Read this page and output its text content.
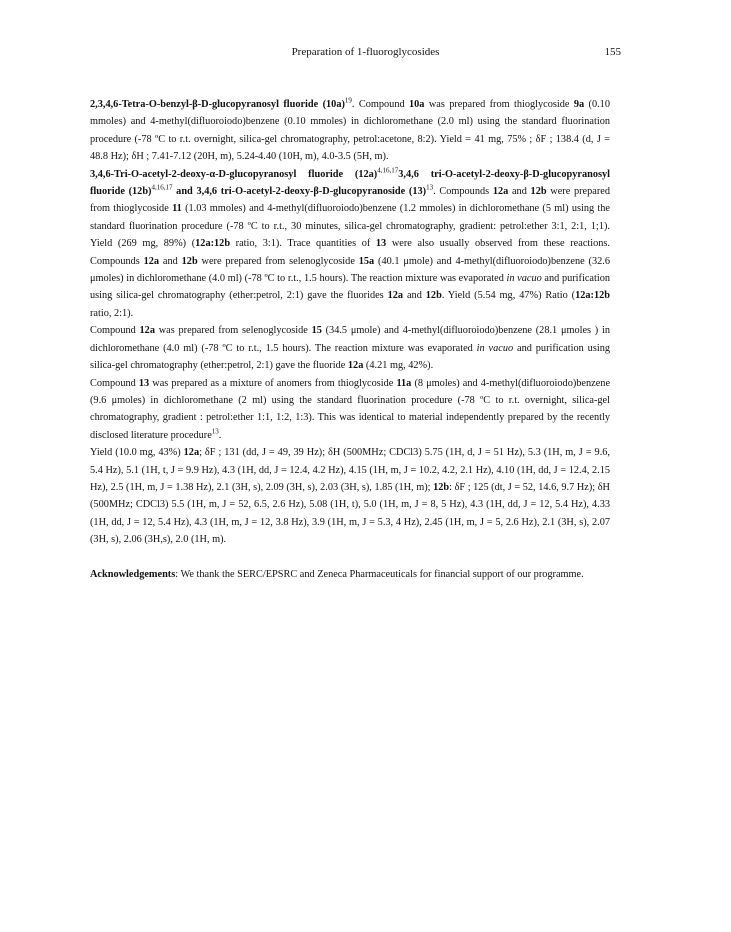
Preparation of 1-fluoroglycosides	155

2,3,4,6-Tetra-O-benzyl-β-D-glucopyranosyl fluoride $(10a)^{19}$. Compound 10a was prepared from thioglycoside 9a (0.10 mmoles) and 4-methyl(difluoroiodo)benzene (0.10 mmoles) in dichloromethane (2.0 ml) using the standard fluorination procedure (-78 ºC to r.t. overnight, silica-gel chromatography, petrol:acetone, 8:2). Yield = 41 mg, 75% ; δF ; 138.4 (d, J = 48.8 Hz); δH ; 7.41-7.12 (20H, m), 5.24-4.40 (10H, m), 4.0-3.5 (5H, m).

3,4,6-Tri-O-acetyl-2-deoxy-α-D-glucopyranosyl fluoride $(12a)^{4,16,17}3,4,6$ tri-O-acetyl-2-deoxy-β-D-glucopyranosyl fluoride $(12b)^{4,16,17}$ and 3,4,6 tri-O-acetyl-2-deoxy-β-D-glucopyranoside $(13)^{13}$. Compounds 12a and 12b were prepared from thioglycoside 11 (1.03 mmoles) and 4-methyl(difluoroiodo)benzene (1.2 mmoles) in dichloromethane (5 ml) using the standard fluorination procedure (-78 ºC to r.t., 30 minutes, silica-gel chromatography, gradient: petrol:ether 3:1, 2:1, 1;1). Yield (269 mg, 89%) (12a:12b ratio, 3:1). Trace quantities of 13 were also usually observed from these reactions. Compounds 12a and 12b were prepared from selenoglycoside 15a (40.1 μmole) and 4-methyl(difluoroiodo)benzene (32.6 μmoles) in dichloromethane (4.0 ml) (-78 ºC to r.t., 1.5 hours). The reaction mixture was evaporated in vacuo and purification using silica-gel chromatography (ether:petrol, 2:1) gave the fluorides 12a and 12b. Yield (5.54 mg, 47%) Ratio (12a:12b ratio, 2:1).

Compound 12a was prepared from selenoglycoside 15 (34.5 μmole) and 4-methyl(difluoroiodo)benzene (28.1 μmoles ) in dichloromethane (4.0 ml) (-78 ºC to r.t., 1.5 hours). The reaction mixture was evaporated in vacuo and purification using silica-gel chromatography (ether:petrol, 2:1) gave the fluoride 12a (4.21 mg, 42%).

Compound 13 was prepared as a mixture of anomers from thioglycoside 11a (8 μmoles) and 4-methyl(difluoroiodo)benzene (9.6 μmoles) in dichloromethane (2 ml) using the standard fluorination procedure (-78 ºC to r.t. overnight, silica-gel chromatography, gradient : petrol:ether 1:1, 1:2, 1:3). This was identical to material independently prepared by the recently disclosed literature procedure$^{13}$.

Yield (10.0 mg, 43%) 12a; δF ; 131 (dd, J = 49, 39 Hz); δH (500MHz; CDCl3) 5.75 (1H, d, J = 51 Hz), 5.3 (1H, m, J = 9.6, 5.4 Hz), 5.1 (1H, t, J = 9.9 Hz), 4.3 (1H, dd, J = 12.4, 4.2 Hz), 4.15 (1H, m, J = 10.2, 4.2, 2.1 Hz), 4.10 (1H, dd, J = 12.4, 2.15 Hz), 2.5 (1H, m, J = 1.38 Hz), 2.1 (3H, s), 2.09 (3H, s), 2.03 (3H, s), 1.85 (1H, m); 12b: δF ; 125 (dt, J = 52, 14.6, 9.7 Hz); δH (500MHz; CDCl3) 5.5 (1H, m, J = 52, 6.5, 2.6 Hz), 5.08 (1H, t), 5.0 (1H, m, J = 8, 5 Hz), 4.3 (1H, dd, J = 12, 5.4 Hz), 4.33 (1H, dd, J = 12, 5.4 Hz), 4.3 (1H, m, J = 12, 3.8 Hz), 3.9 (1H, m, J = 5.3, 4 Hz), 2.45 (1H, m, J = 5, 2.6 Hz), 2.1 (3H, s), 2.07 (3H, s), 2.06 (3H,s), 2.0 (1H, m).

Acknowledgements: We thank the SERC/EPSRC and Zeneca Pharmaceuticals for financial support of our programme.
